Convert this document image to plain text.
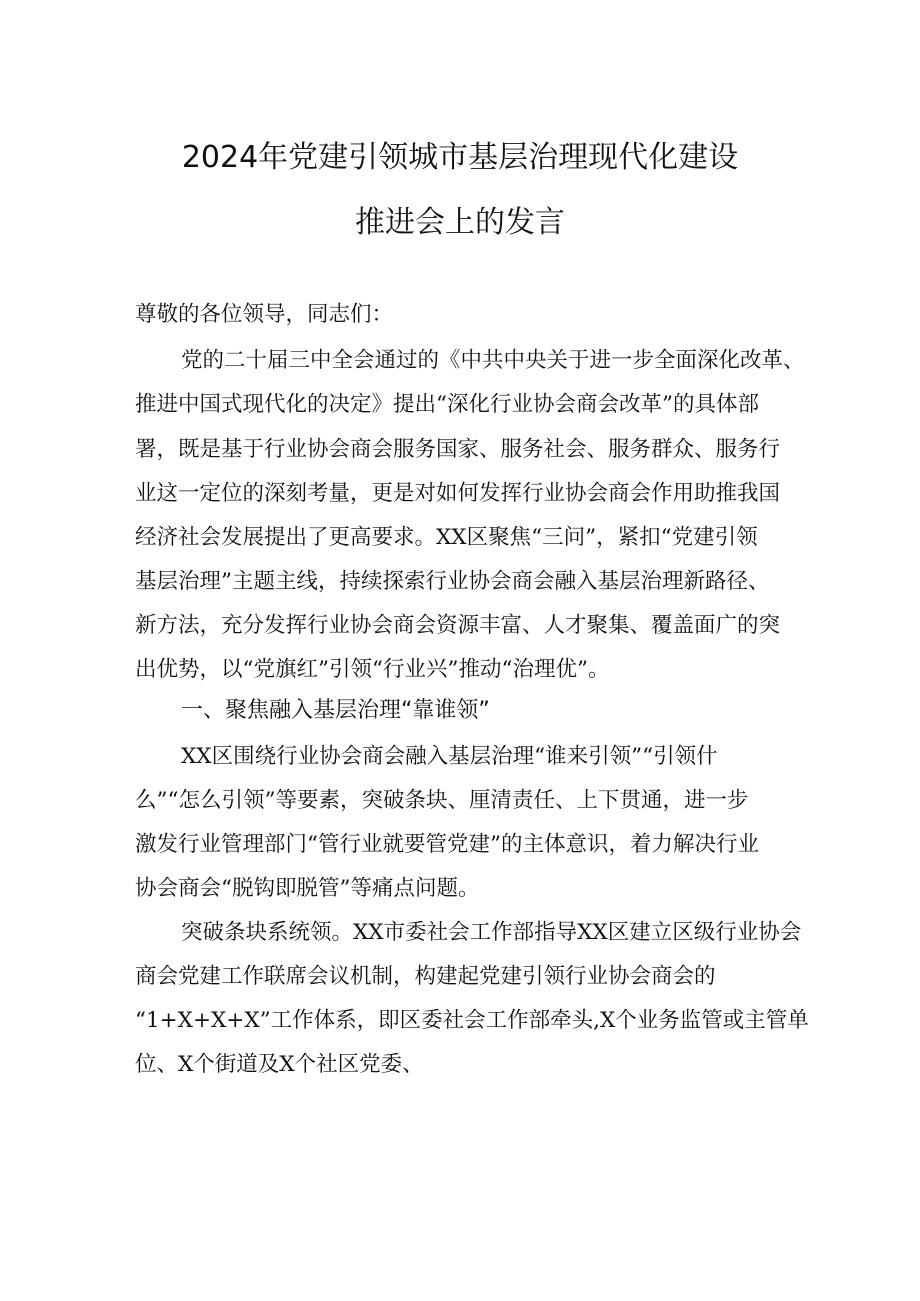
2024年党建引领城市基层治理现代化建设
推进会上的发言
尊敬的各位领导，同志们：
党的二十届三中全会通过的《中共中央关于进一步全面深化改革、
推进中国式现代化的决定》提出“深化行业协会商会改革”的具体部
署，既是基于行业协会商会服务国家、服务社会、服务群众、服务行
业这一定位的深刻考量，更是对如何发挥行业协会商会作用助推我国
经济社会发展提出了更高要求。XX区聚焦“三问”，紧扣“党建引领
基层治理”主题主线，持续探索行业协会商会融入基层治理新路径、
新方法，充分发挥行业协会商会资源丰富、人才聚集、覆盖面广的突
出优势，以“党旗红”引领“行业兴”推动“治理优”。
一、聚焦融入基层治理“靠谁领”
XX区围绕行业协会商会融入基层治理“谁来引领”“引领什
么”“怎么引领”等要素，突破条块、厘清责任、上下贯通，进一步
激发行业管理部门“管行业就要管党建”的主体意识，着力解决行业
协会商会“脱钩即脱管”等痛点问题。
突破条块系统领。XX市委社会工作部指导XX区建立区级行业协会
商会党建工作联席会议机制，构建起党建引领行业协会商会的
“1+X+X+X”工作体系，即区委社会工作部牵头,X个业务监管或主管单
位、X个街道及X个社区党委、
